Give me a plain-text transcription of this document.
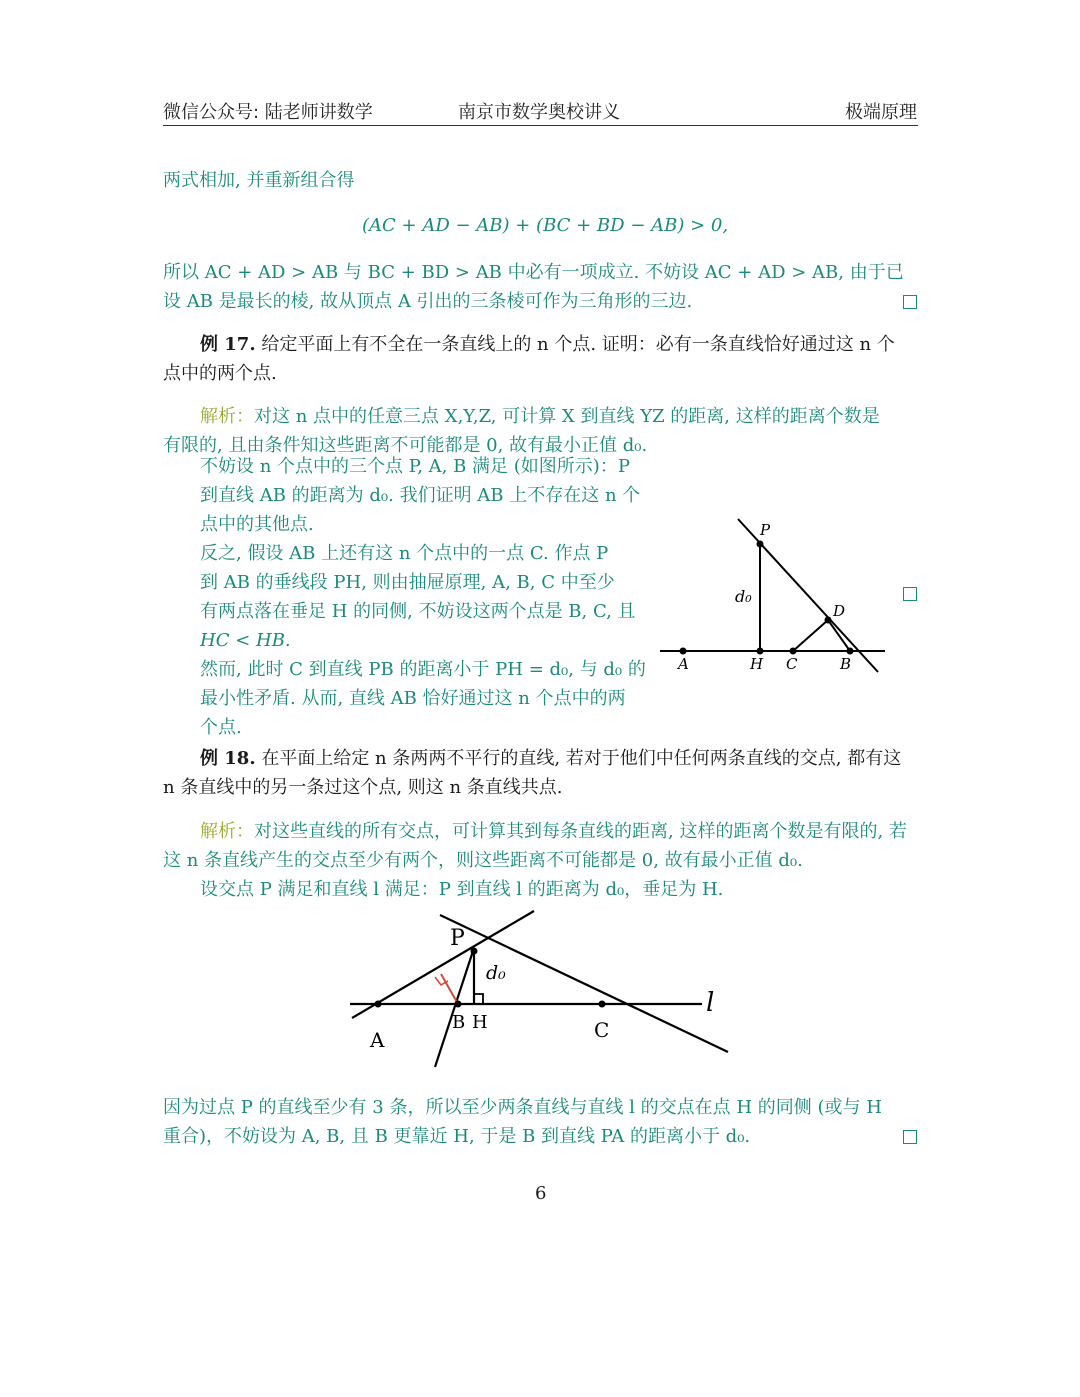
微信公众号: 陆老师讲数学	南京市数学奥校讲义	极端原理
两式相加, 并重新组合得
(AC + AD − AB) + (BC + BD − AB) > 0,
所以 AC + AD > AB 与 BC + BD > AB 中必有一项成立. 不妨设 AC + AD > AB, 由于已
设 AB 是最长的棱, 故从顶点 A 引出的三条棱可作为三角形的三边.
例 17. 给定平面上有不全在一条直线上的 n 个点. 证明：必有一条直线恰好通过这 n 个
点中的两个点.
解析：对这 n 点中的任意三点 X,Y,Z, 可计算 X 到直线 YZ 的距离, 这样的距离个数是
有限的, 且由条件知这些距离不可能都是 0, 故有最小正值 d₀.
不妨设 n 个点中的三个点 P, A, B 满足 (如图所示)：P
到直线 AB 的距离为 d₀. 我们证明 AB 上不存在这 n 个
点中的其他点.
反之, 假设 AB 上还有这 n 个点中的一点 C. 作点 P
到 AB 的垂线段 PH, 则由抽屉原理, A, B, C 中至少
有两点落在垂足 H 的同侧, 不妨设这两个点是 B, C, 且
HC < HB.
然而, 此时 C 到直线 PB 的距离小于 PH = d₀, 与 d₀ 的
最小性矛盾. 从而, 直线 AB 恰好通过这 n 个点中的两
个点.
P
D
d₀
A	H C	B
例 18. 在平面上给定 n 条两两不平行的直线, 若对于他们中任何两条直线的交点, 都有这
n 条直线中的另一条过这个点, 则这 n 条直线共点.
解析：对这些直线的所有交点，可计算其到每条直线的距离, 这样的距离个数是有限的, 若
这 n 条直线产生的交点至少有两个，则这些距离不可能都是 0, 故有最小正值 d₀.
设交点 P 满足和直线 l 满足：P 到直线 l 的距离为 d₀，垂足为 H.
P
d₀
A
B H	C
l
因为过点 P 的直线至少有 3 条，所以至少两条直线与直线 l 的交点在点 H 的同侧 (或与 H
重合)，不妨设为 A, B, 且 B 更靠近 H, 于是 B 到直线 PA 的距离小于 d₀.
6
